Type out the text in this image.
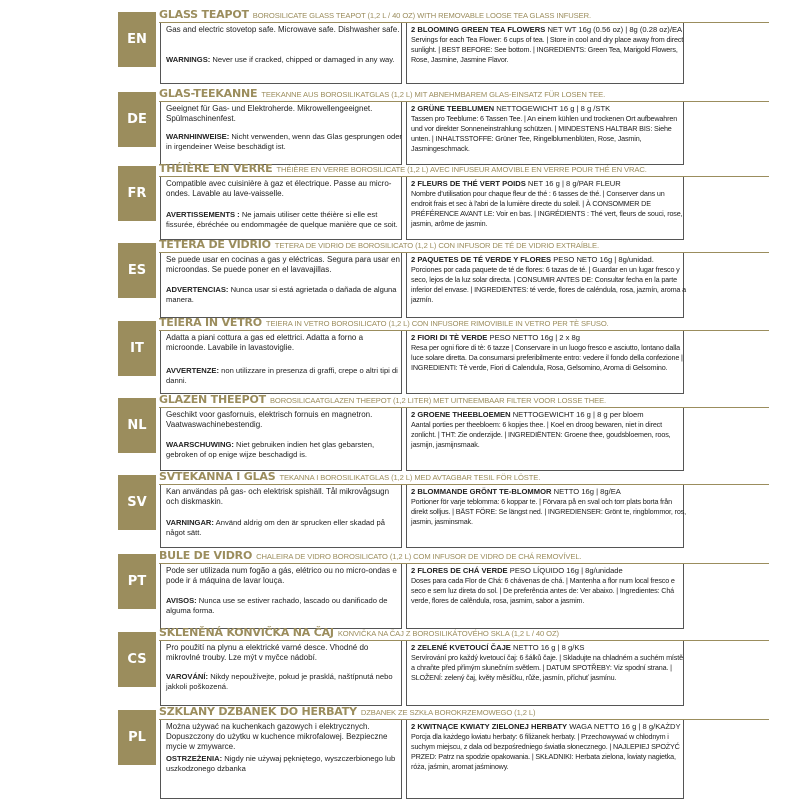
EN
GLASS TEAPOT BOROSILICATE GLASS TEAPOT (1,2 L / 40 OZ) WITH REMOVABLE LOOSE TEA GLASS INFUSER.
Gas and electric stovetop safe. Microwave safe. Dishwasher safe.
WARNINGS: Never use if cracked, chipped or damaged in any way.
2 BLOOMING GREEN TEA FLOWERS NET WT 16g (0.56 oz) | 8g (0.28 oz)/EA
Servings for each Tea Flower: 6 cups of tea. | Store in cool and dry place away from direct sunlight. | BEST BEFORE: See bottom. | INGREDIENTS: Green Tea, Marigold Flowers, Rose, Jasmine, Jasmine Flavor.
DE
GLAS-TEEKANNE TEEKANNE AUS BOROSILIKATGLAS (1,2 L) MIT ABNEHMBAREM GLAS-EINSATZ FÜR LOSEN TEE.
Geeignet für Gas- und Elektroherde. Mikrowellengeeignet. Spülmaschinenfest.
WARNHINWEISE: Nicht verwenden, wenn das Glas gesprungen oder in irgendeiner Weise beschädigt ist.
2 GRÜNE TEEBLUMEN NETTOGEWICHT 16 g | 8 g /STK
Tassen pro Teeblume: 6 Tassen Tee. | An einem kühlen und trockenen Ort aufbewahren und vor direkter Sonneneinstrahlung schützen. | MINDESTENS HALTBAR BIS: Siehe unten. | INHALTSSTOFFE: Grüner Tee, Ringelblumenblüten, Rose, Jasmin, Jasmingeschmack.
FR
THÉIÈRE EN VERRE THÉIÈRE EN VERRE BOROSILICATE (1,2 L) AVEC INFUSEUR AMOVIBLE EN VERRE POUR THÉ EN VRAC.
Compatible avec cuisinière à gaz et électrique. Passe au micro-ondes. Lavable au lave-vaisselle.
AVERTISSEMENTS : Ne jamais utiliser cette théière si elle est fissurée, ébréchée ou endommagée de quelque manière que ce soit.
2 FLEURS DE THÉ VERT POIDS NET 16 g | 8 g/PAR FLEUR
Nombre d'utilisation pour chaque fleur de thé : 6 tasses de thé. | Conserver dans un endroit frais et sec à l'abri de la lumière directe du soleil. | À CONSOMMER DE PRÉFÉRENCE AVANT LE: Voir en bas. | INGRÉDIENTS : Thé vert, fleurs de souci, rose, jasmin, arôme de jasmin.
ES
TETERA DE VIDRIO TETERA DE VIDRIO DE BOROSILICATO (1,2 L) CON INFUSOR DE TÉ DE VIDRIO EXTRAÍBLE.
Se puede usar en cocinas a gas y eléctricas. Segura para usar en microondas. Se puede poner en el lavavajillas.
ADVERTENCIAS: Nunca usar si está agrietada o dañada de alguna manera.
2 PAQUETES DE TÉ VERDE Y FLORES PESO NETO 16g | 8g/unidad.
Porciones por cada paquete de té de flores: 6 tazas de té. | Guardar en un lugar fresco y seco, lejos de la luz solar directa. | CONSUMIR ANTES DE: Consultar fecha en la parte inferior del envase. | INGREDIENTES: té verde, flores de caléndula, rosa, jazmín, aroma a jazmín.
IT
TEIERA IN VETRO TEIERA IN VETRO BOROSILICATO (1,2 L) CON INFUSORE RIMOVIBILE IN VETRO PER TÈ SFUSO.
Adatta a piani cottura a gas ed elettrici. Adatta a forno a microonde. Lavabile in lavastoviglie.
AVVERTENZE: non utilizzare in presenza di graffi, crepe o altri tipi di danni.
2 FIORI DI TÈ VERDE PESO NETTO 16g | 2 x 8g
Resa per ogni fiore di tè: 6 tazze | Conservare in un luogo fresco e asciutto, lontano dalla luce solare diretta. Da consumarsi preferibilmente entro: vedere il fondo della confezione | INGREDIENTI: Tè verde, Fiori di Calendula, Rosa, Gelsomino, Aroma di Gelsomino.
NL
GLAZEN THEEPOT BOROSILICAATGLAZEN THEEPOT (1,2 LITER) MET UITNEEMBAAR FILTER VOOR LOSSE THEE.
Geschikt voor gasfornuis, elektrisch fornuis en magnetron. Vaatwaswachinebestendig.
WAARSCHUWING: Niet gebruiken indien het glas gebarsten, gebroken of op enige wijze beschadigd is.
2 GROENE THEEBLOEMEN NETTOGEWICHT 16 g | 8 g per bloem
Aantal porties per theebloem: 6 kopjes thee. | Koel en droog bewaren, niet in direct zonlicht. | THT: Zie onderzijde. | INGREDIËNTEN: Groene thee, goudsbloemen, roos, jasmijn, jasmijnsmaak.
SV
SVTEKANNA I GLAS TEKANNA I BOROSILIKATGLAS (1,2 L) MED AVTAGBAR TESIL FÖR LÖSTE.
Kan användas på gas- och elektrisk spishäll. Tål mikrovågsugn och diskmaskin.
VARNINGAR: Använd aldrig om den är sprucken eller skadad på något sätt.
2 BLOMMANDE GRÖNT TE-BLOMMOR NETTO 16g | 8g/EA
Portioner för varje teblomma: 6 koppar te. | Förvara på en sval och torr plats borta från direkt solljus. | BÄST FÖRE: Se längst ned. | INGREDIENSER: Grönt te, ringblommor, ros, jasmin, jasminsmak.
PT
BULE DE VIDRO CHALEIRA DE VIDRO BOROSILICATO (1,2 L) COM INFUSOR DE VIDRO DE CHÁ REMOVÍVEL.
Pode ser utilizada num fogão a gás, elétrico ou no micro-ondas e pode ir á máquina de lavar louça.
AVISOS: Nunca use se estiver rachado, lascado ou danificado de alguma forma.
2 FLORES DE CHÁ VERDE PESO LÍQUIDO 16g | 8g/unidade
Doses para cada Flor de Chá: 6 chávenas de chá. | Mantenha a flor num local fresco e seco e sem luz direta do sol. | De preferência antes de: Ver abaixo. | Ingredientes: Chá verde, flores de calêndula, rosa, jasmim, sabor a jasmim.
CS
SKLENĚNÁ KONVIČKA NA ČAJ KONVIČKA NA ČAJ Z BOROSILIKÁTOVÉHO SKLA (1,2 L / 40 OZ)
Pro použití na plynu a elektrické varné desce. Vhodné do mikrovlné trouby. Lze mýt v myčce nádobí.
VAROVÁNÍ: Nikdy nepoužívejte, pokud je prasklá, naštípnutá nebo jakkoli poškozená.
2 ZELENÉ KVETOUCÍ ČAJE NETTO 16 g | 8 g/KS
Servírování pro každý kvetoucí čaj: 6 šálků čaje. | Skladujte na chladném a suchém místě a chraňte před přímým slunečním světlem. | DATUM SPOTŘEBY: Viz spodní strana. | SLOŽENÍ: zelený čaj, květy měsíčku, růže, jasmín, příchuť jasmínu.
PL
SZKLANY DZBANEK DO HERBATY DZBANEK ZE SZKŁA BOROKRZEMOWEGO (1,2 L)
Można używać na kuchenkach gazowych i elektrycznych. Dopuszczony do użytku w kuchence mikrofalowej. Bezpieczne mycie w zmywarce.
OSTRZEŻENIA: Nigdy nie używaj pękniętego, wyszczerbionego lub uszkodzonego dzbanka
2 KWITNĄCE KWIATY ZIELONEJ HERBATY WAGA NETTO 16 g | 8 g/KAŻDY
Porcja dla każdego kwiatu herbaty: 6 filiżanek herbaty. | Przechowywać w chłodnym i suchym miejscu, z dala od bezpośredniego światła słonecznego. | NAJLEPIEJ SPOŻYĆ PRZED: Patrz na spodzie opakowania. | SKŁADNIKI: Herbata zielona, kwiaty nagietka, róża, jaśmin, aromat jaśminowy.
